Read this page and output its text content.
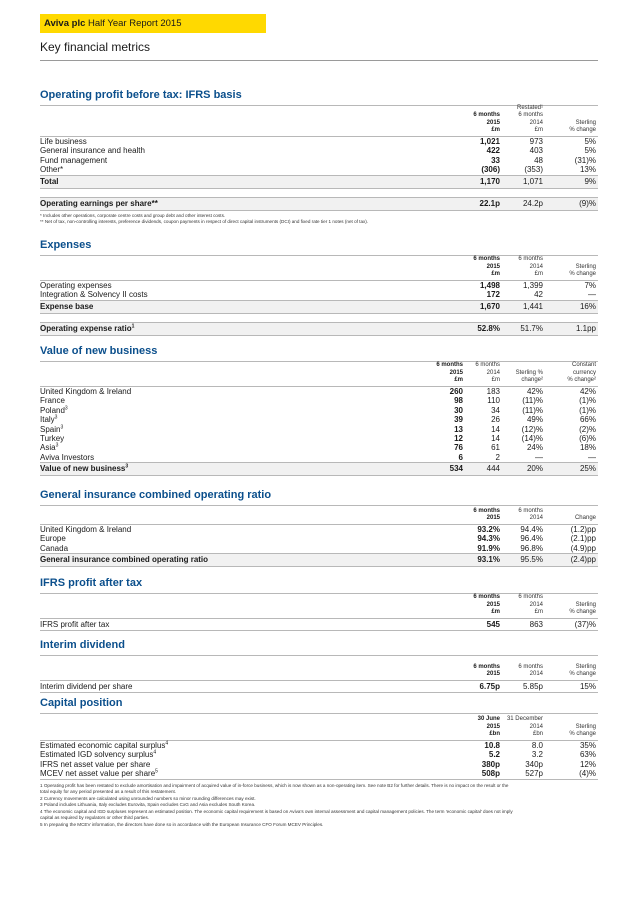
Aviva plc Half Year Report 2015
Key financial metrics
Operating profit before tax: IFRS basis
6 months
2015
£m
Restated¹
6 months
2014
£m
Sterling
% change
Life business	1,021	973	5%
General insurance and health	422	403	5%
Fund management	33	48	(31)%
Other*	(306)	(353)	13%
Total	1,170	1,071	9%
Operating earnings per share**	22.1p	24.2p	(9)%
* Includes other operations, corporate centre costs and group debt and other interest costs.
** Net of tax, non-controlling interests, preference dividends, coupon payments in respect of direct capital instruments (DCI) and fixed rate tier 1 notes (net of tax).
Expenses
6 months
2015
£m
6 months
2014
£m
Sterling
% change
Operating expenses	1,498	1,399	7%
Integration & Solvency II costs	172	42	—
Expense base	1,670	1,441	16%
Operating expense ratio$^1$	52.8%	51.7%	1.1pp
Value of new business
6 months
2015
£m
6 months
2014
£m
Sterling %
change²
Constant
currency
% change²
United Kingdom & Ireland	260	183	42%	42%
France	98	110	(11)%	(1)%
Poland$^3$	30	34	(11)%	(1)%
Italy$^3$	39	26	49%	66%
Spain$^3$	13	14	(12)%	(2)%
Turkey	12	14	(14)%	(6)%
Asia$^3$	76	61	24%	18%
Aviva Investors	6	2	—	—
Value of new business$^3$	534	444	20%	25%
General insurance combined operating ratio
6 months
2015
6 months
2014	Change
United Kingdom & Ireland	93.2%	94.4%	(1.2)pp
Europe	94.3%	96.4%	(2.1)pp
Canada	91.9%	96.8%	(4.9)pp
General insurance combined operating ratio	93.1%	95.5%	(2.4)pp
IFRS profit after tax
6 months
2015
£m
6 months
2014
£m
Sterling
% change
IFRS profit after tax	545	863	(37)%
Interim dividend
6 months
2015
6 months
2014
Sterling
% change
Interim dividend per share	6.75p	5.85p	15%
Capital position
30 June
2015
£bn
31 December
2014
£bn
Sterling
% change
Estimated economic capital surplus$^4$	10.8	8.0	35%
Estimated IGD solvency surplus$^4$	5.2	3.2	63%
IFRS net asset value per share	380p	340p	12%
MCEV net asset value per share$^5$	508p	527p	(4)%
1 Operating profit has been restated to exclude amortisation and impairment of acquired value of in-force business, which is now shown as a non-operating item. See note B2 for further details. There is no impact on the result or the
total equity for any period presented as a result of this restatement.
2 Currency movements are calculated using unrounded numbers so minor rounding differences may exist.
3 Poland includes Lithuania, Italy excludes Eurovita, Spain excludes CxG and Asia excludes South Korea.
4 The economic capital and IGD surpluses represent an estimated position. The economic capital requirement is based on Aviva's own internal assessment and capital management policies. The term 'economic capital' does not imply
capital as required by regulators or other third parties.
5 In preparing the MCEV information, the directors have done so in accordance with the European Insurance CFO Forum MCEV Principles.
